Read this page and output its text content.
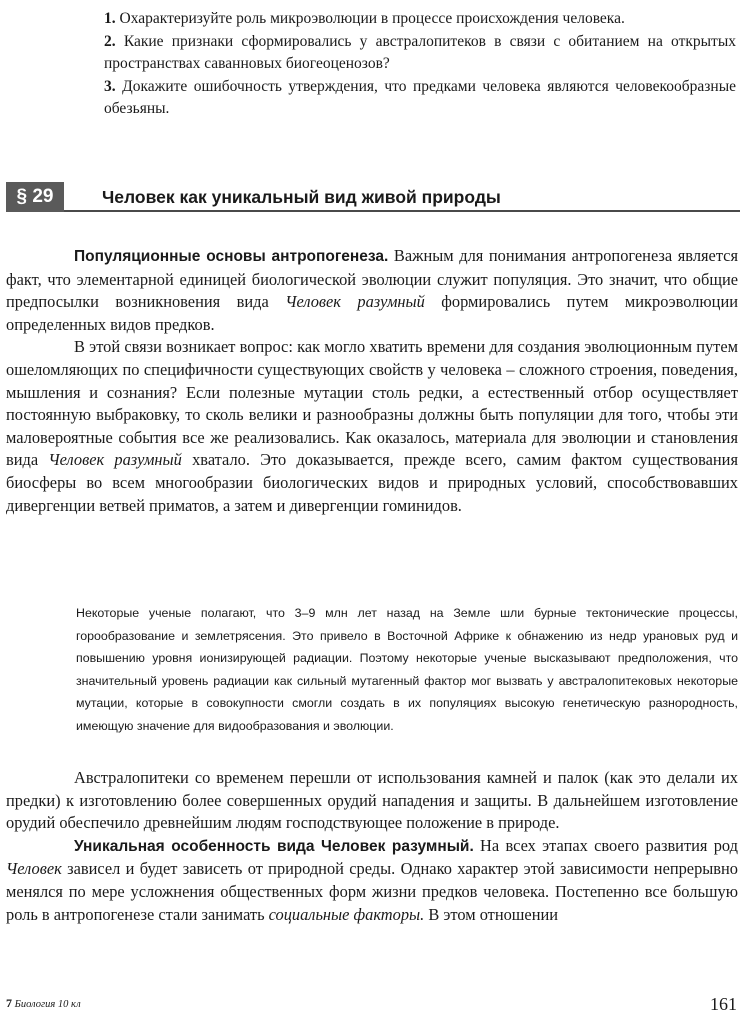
1. Охарактеризуйте роль микроэволюции в процессе происхождения человека.

2. Какие признаки сформировались у австралопитеков в связи с обитанием на открытых пространствах саванновых биогеоценозов?

3. Докажите ошибочность утверждения, что предками человека являются человекообразные обезьяны.

§ 29	Человек как уникальный вид живой природы

Популяционные основы антропогенеза. Важным для понимания антропогенеза является факт, что элементарной единицей биологической эволюции служит популяция. Это значит, что общие предпосылки возникновения вида Человек разумный формировались путем микроэволюции определенных видов предков.

В этой связи возникает вопрос: как могло хватить времени для создания эволюционным путем ошеломляющих по специфичности существующих свойств у человека – сложного строения, поведения, мышления и сознания? Если полезные мутации столь редки, а естественный отбор осуществляет постоянную выбраковку, то сколь велики и разнообразны должны быть популяции для того, чтобы эти маловероятные события все же реализовались. Как оказалось, материала для эволюции и становления вида Человек разумный хватало. Это доказывается, прежде всего, самим фактом существования биосферы во всем многообразии биологических видов и природных условий, способствовавших дивергенции ветвей приматов, а затем и дивергенции гоминидов.

Некоторые ученые полагают, что 3–9 млн лет назад на Земле шли бурные тектонические процессы, горообразование и землетрясения. Это привело в Восточной Африке к обнажению из недр урановых руд и повышению уровня ионизирующей радиации. Поэтому некоторые ученые высказывают предположения, что значительный уровень радиации как сильный мутагенный фактор мог вызвать у австралопитековых некоторые мутации, которые в совокупности смогли создать в их популяциях высокую генетическую разнородность, имеющую значение для видообразования и эволюции.

Австралопитеки со временем перешли от использования камней и палок (как это делали их предки) к изготовлению более совершенных орудий нападения и защиты. В дальнейшем изготовление орудий обеспечило древнейшим людям господствующее положение в природе.

Уникальная особенность вида Человек разумный. На всех этапах своего развития род Человек зависел и будет зависеть от природной среды. Однако характер этой зависимости непрерывно менялся по мере усложнения общественных форм жизни предков человека. Постепенно все большую роль в антропогенезе стали занимать социальные факторы. В этом отношении

7 Биология 10 кл	161
